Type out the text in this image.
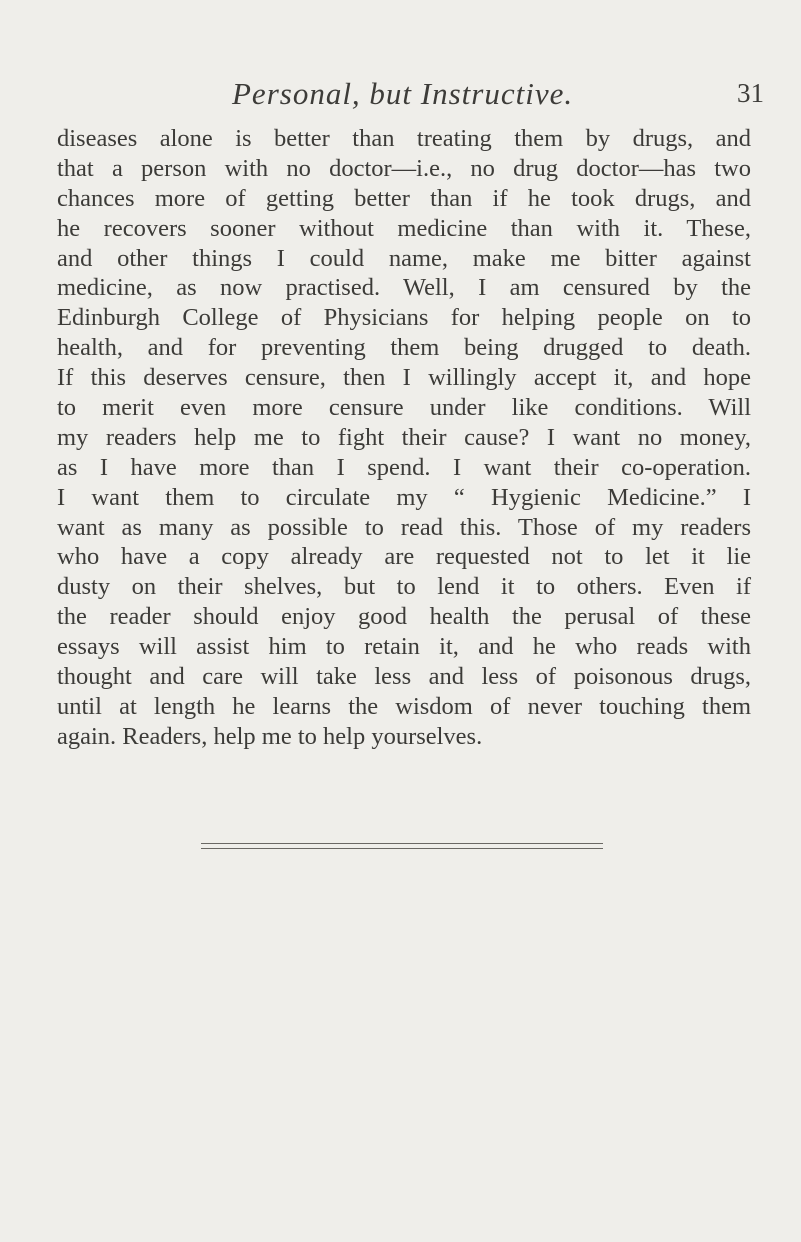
Personal, but Instructive.	31
diseases alone is better than treating them by drugs, and
that a person with no doctor—i.e., no drug doctor—has two
chances more of getting better than if he took drugs, and
he recovers sooner without medicine than with it. These,
and other things I could name, make me bitter against
medicine, as now practised. Well, I am censured by the
Edinburgh College of Physicians for helping people on to
health, and for preventing them being drugged to death.
If this deserves censure, then I willingly accept it, and hope
to merit even more censure under like conditions. Will
my readers help me to fight their cause? I want no money,
as I have more than I spend. I want their co-operation.
I want them to circulate my “ Hygienic Medicine.” I
want as many as possible to read this. Those of my readers
who have a copy already are requested not to let it lie
dusty on their shelves, but to lend it to others. Even if
the reader should enjoy good health the perusal of these
essays will assist him to retain it, and he who reads with
thought and care will take less and less of poisonous drugs,
until at length he learns the wisdom of never touching them
again. Readers, help me to help yourselves.
